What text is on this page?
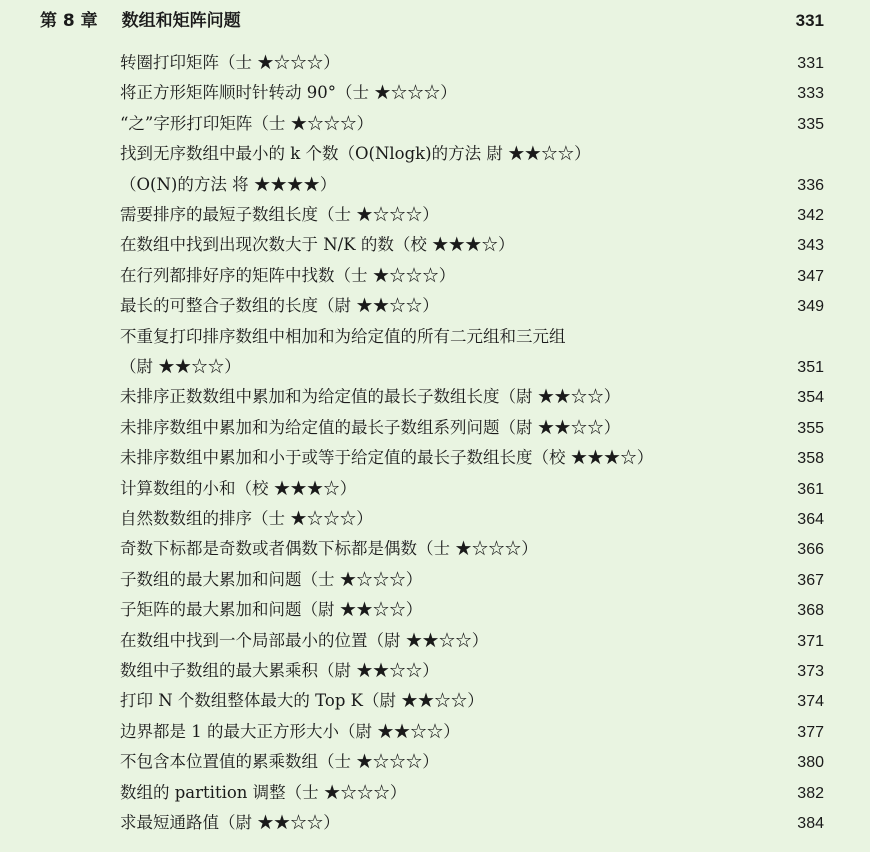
第 8 章 数组和矩阵问题	331
转圈打印矩阵（士 ★☆☆☆）	331
将正方形矩阵顺时针转动 90°（士 ★☆☆☆）	333
“之”字形打印矩阵（士 ★☆☆☆）	335
找到无序数组中最小的 k 个数（O(Nlogk)的方法 尉 ★★☆☆）
（O(N)的方法 将 ★★★★）	336
需要排序的最短子数组长度（士 ★☆☆☆）	342
在数组中找到出现次数大于 N/K 的数（校 ★★★☆）	343
在行列都排好序的矩阵中找数（士 ★☆☆☆）	347
最长的可整合子数组的长度（尉 ★★☆☆）	349
不重复打印排序数组中相加和为给定值的所有二元组和三元组
（尉 ★★☆☆）	351
未排序正数数组中累加和为给定值的最长子数组长度（尉 ★★☆☆）	354
未排序数组中累加和为给定值的最长子数组系列问题（尉 ★★☆☆）	355
未排序数组中累加和小于或等于给定值的最长子数组长度（校 ★★★☆）	358
计算数组的小和（校 ★★★☆）	361
自然数数组的排序（士 ★☆☆☆）	364
奇数下标都是奇数或者偶数下标都是偶数（士 ★☆☆☆）	366
子数组的最大累加和问题（士 ★☆☆☆）	367
子矩阵的最大累加和问题（尉 ★★☆☆）	368
在数组中找到一个局部最小的位置（尉 ★★☆☆）	371
数组中子数组的最大累乘积（尉 ★★☆☆）	373
打印 N 个数组整体最大的 Top K（尉 ★★☆☆）	374
边界都是 1 的最大正方形大小（尉 ★★☆☆）	377
不包含本位置值的累乘数组（士 ★☆☆☆）	380
数组的 partition 调整（士 ★☆☆☆）	382
求最短通路值（尉 ★★☆☆）	384
